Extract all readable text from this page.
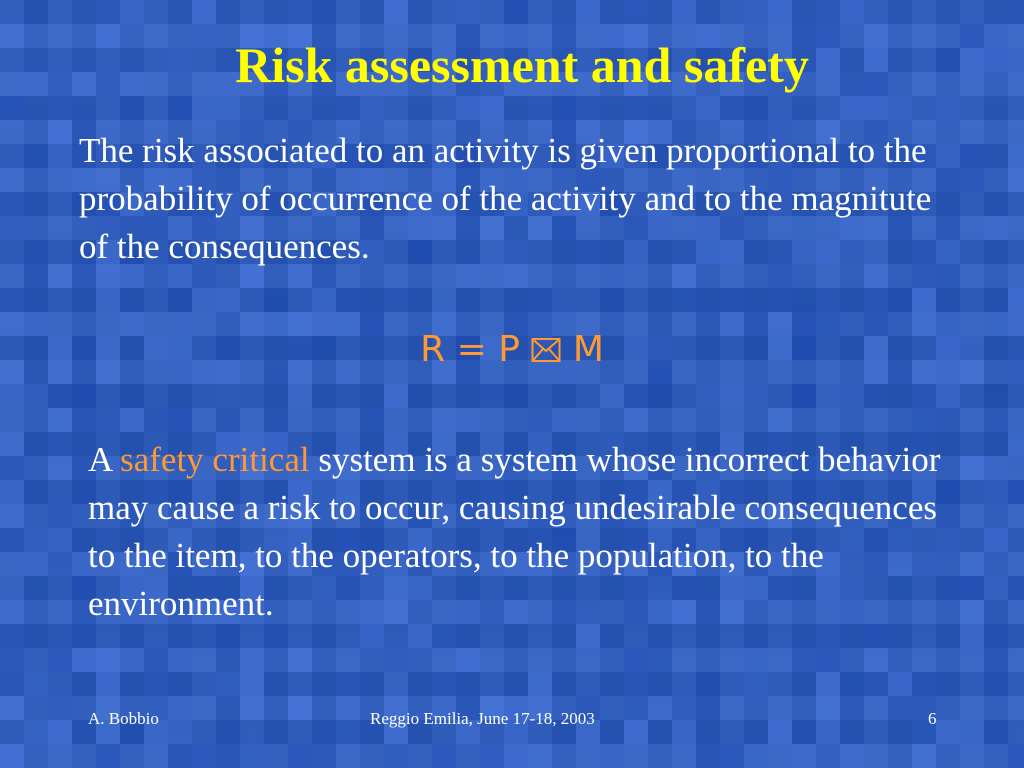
Risk assessment and safety
The risk associated to an activity is given proportional to the probability of occurrence of the activity and to the magnitute of the consequences.
R = P M
A safety critical system is a system whose incorrect behavior may cause a risk to occur, causing undesirable consequences to the item, to the operators, to the population, to the environment.
A. Bobbio	Reggio Emilia, June 17-18, 2003	6
